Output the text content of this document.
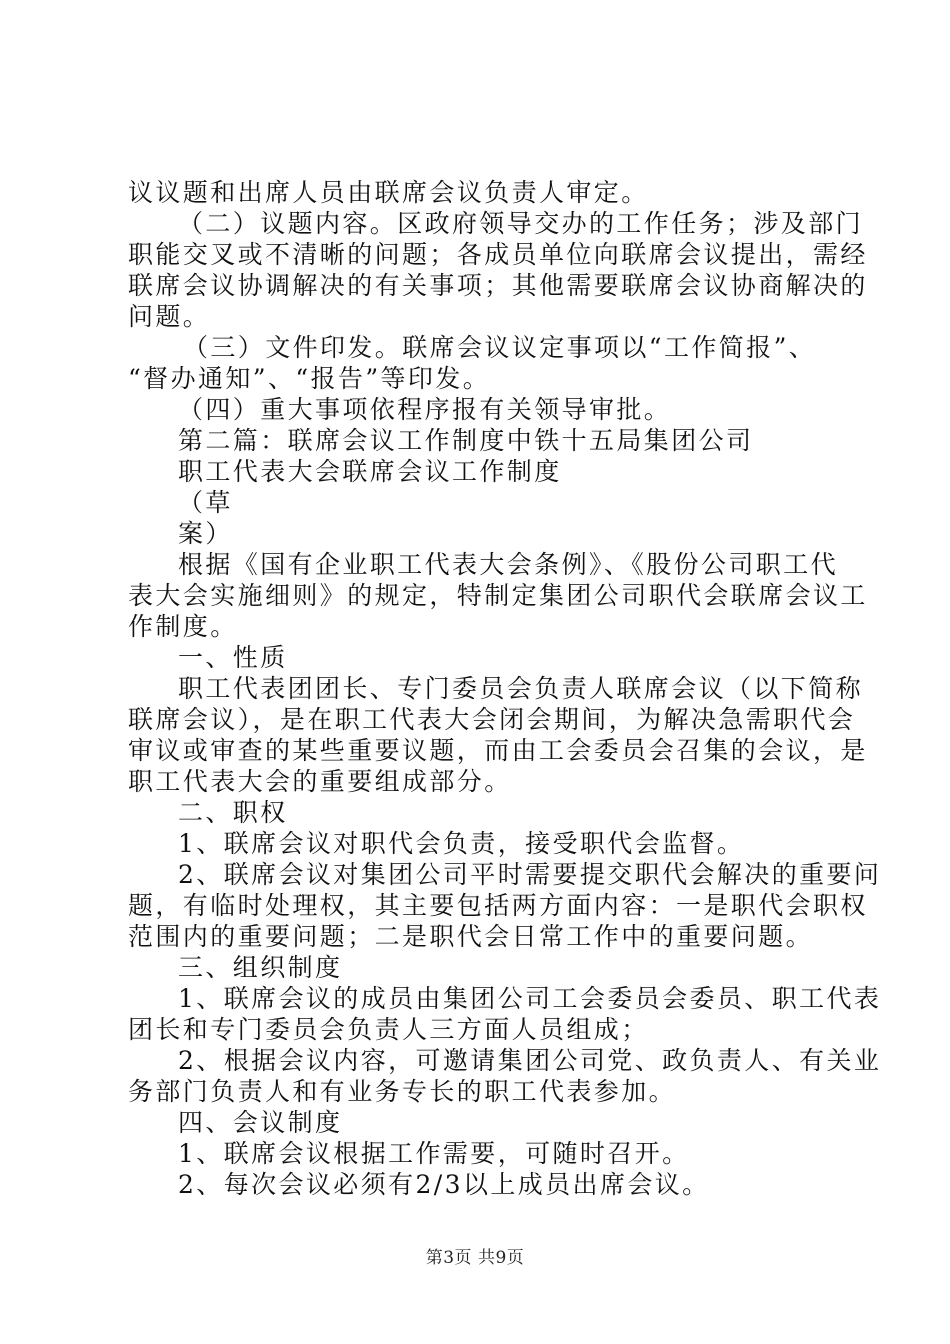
议议题和出席人员由联席会议负责人审定。
（二）议题内容。区政府领导交办的工作任务；涉及部门
职能交叉或不清晰的问题；各成员单位向联席会议提出，需经
联席会议协调解决的有关事项；其他需要联席会议协商解决的
问题。
（三）文件印发。联席会议议定事项以“工作简报”、
“督办通知”、“报告”等印发。
（四）重大事项依程序报有关领导审批。
第二篇：联席会议工作制度中铁十五局集团公司
职工代表大会联席会议工作制度
（草
案）
根据《国有企业职工代表大会条例》、《股份公司职工代
表大会实施细则》的规定，特制定集团公司职代会联席会议工
作制度。
一、性质
职工代表团团长、专门委员会负责人联席会议（以下简称
联席会议），是在职工代表大会闭会期间，为解决急需职代会
审议或审查的某些重要议题，而由工会委员会召集的会议，是
职工代表大会的重要组成部分。
二、职权
1、联席会议对职代会负责，接受职代会监督。
2、联席会议对集团公司平时需要提交职代会解决的重要问
题，有临时处理权，其主要包括两方面内容：一是职代会职权
范围内的重要问题；二是职代会日常工作中的重要问题。
三、组织制度
1、联席会议的成员由集团公司工会委员会委员、职工代表
团长和专门委员会负责人三方面人员组成；
2、根据会议内容，可邀请集团公司党、政负责人、有关业
务部门负责人和有业务专长的职工代表参加。
四、会议制度
1、联席会议根据工作需要，可随时召开。
2、每次会议必须有2/3以上成员出席会议。
第3页 共9页
